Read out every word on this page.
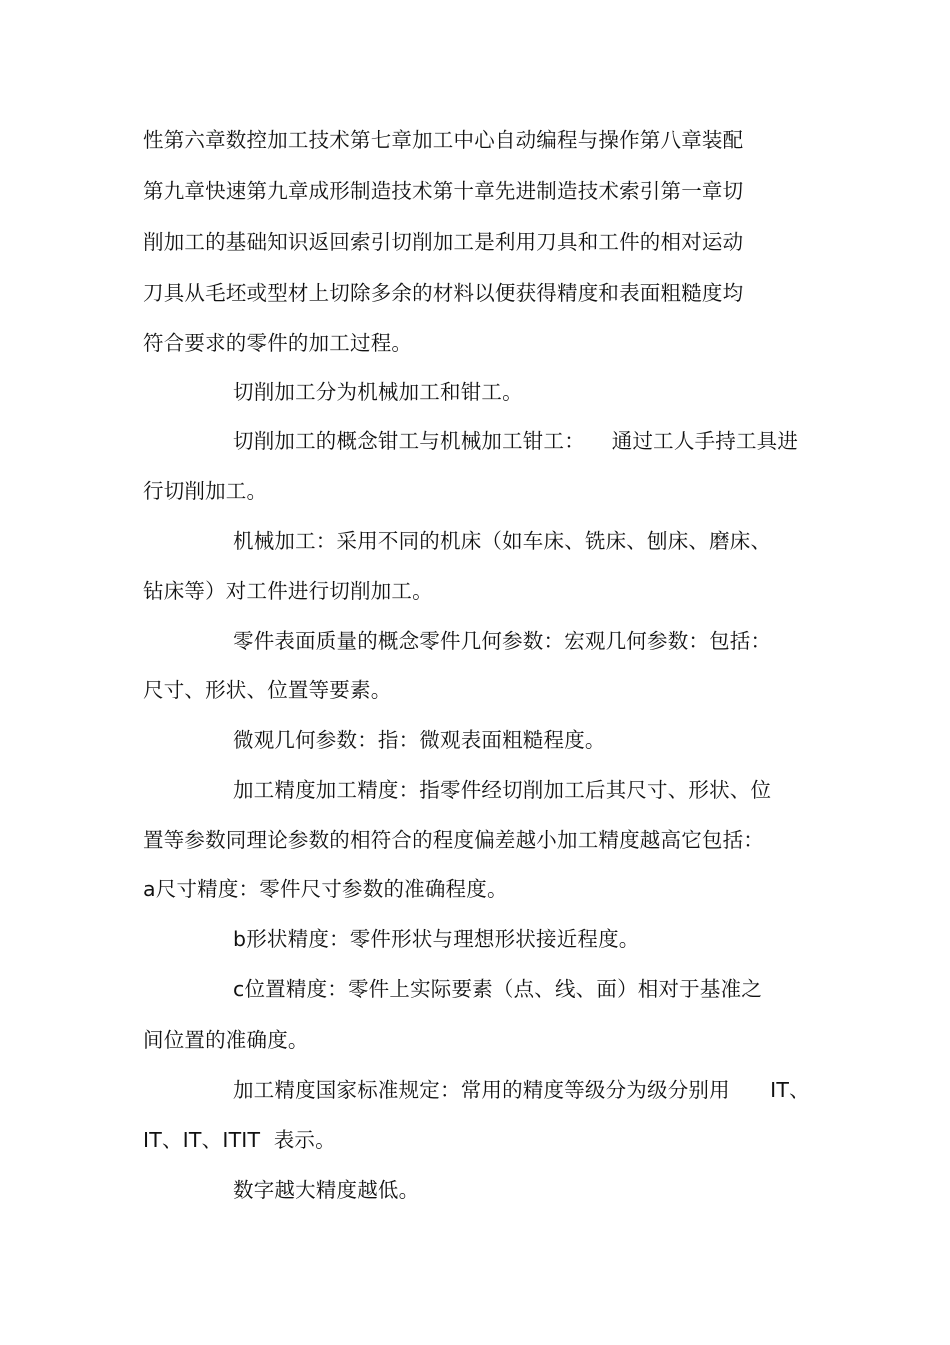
性第六章数控加工技术第七章加工中心自动编程与操作第八章装配
第九章快速第九章成形制造技术第十章先进制造技术索引第一章切
削加工的基础知识返回索引切削加工是利用刀具和工件的相对运动
刀具从毛坯或型材上切除多余的材料以便获得精度和表面粗糙度均
符合要求的零件的加工过程。
切削加工分为机械加工和钳工。
切削加工的概念钳工与机械加工钳工：    通过工人手持工具进
行切削加工。
机械加工：采用不同的机床（如车床、铣床、刨床、磨床、
钻床等）对工件进行切削加工。
零件表面质量的概念零件几何参数：宏观几何参数：包括：
尺寸、形状、位置等要素。
微观几何参数：指：微观表面粗糙程度。
加工精度加工精度：指零件经切削加工后其尺寸、形状、位
置等参数同理论参数的相符合的程度偏差越小加工精度越高它包括：
a尺寸精度：零件尺寸参数的准确程度。
b形状精度：零件形状与理想形状接近程度。
c位置精度：零件上实际要素（点、线、面）相对于基准之
间位置的准确度。
加工精度国家标准规定：常用的精度等级分为级分别用      IT、
IT、IT、ITIT  表示。
数字越大精度越低。
